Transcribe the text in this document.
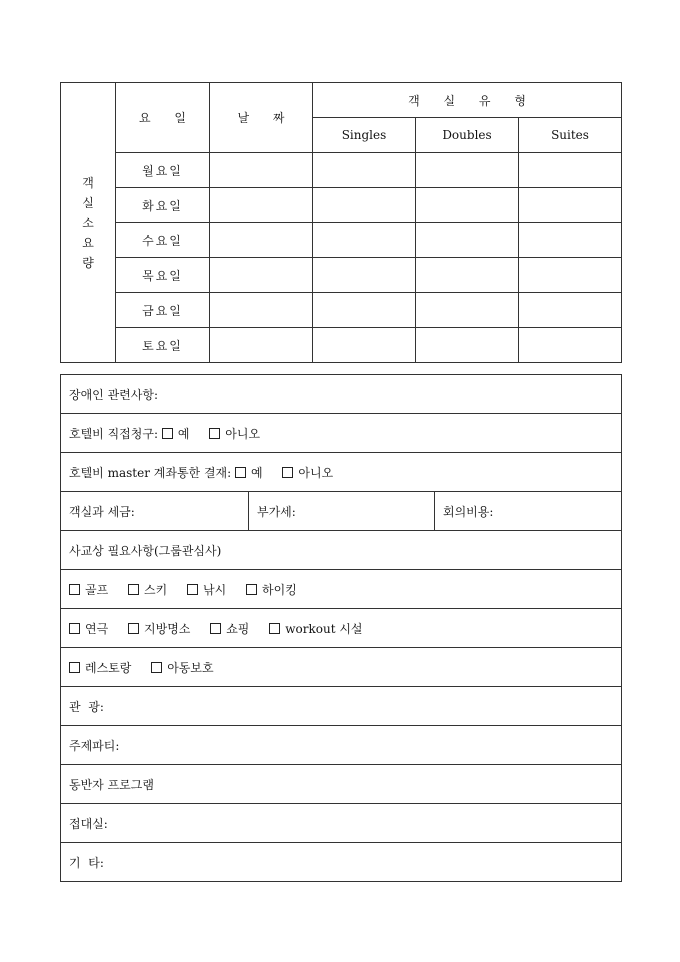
객
실
소
요
량	요 일	날 짜	객 실 유 형		
			Singles	Doubles	Suites
	월요일				
	화요일				
	수요일				
	목요일				
	금요일				
	토요일				
장애인 관련사항:
호텔비 직접청구: 예	아니오
호텔비 master 계좌통한 결재: 예	아니오
객실과 세금:	부가세:	회의비용:
사교상 필요사항(그룹관심사)
골프	스키	낚시	하이킹
연극	지방명소	쇼핑	workout 시설
레스토랑	아동보호
관  광:
주제파티:
동반자 프로그램
접대실:
기  타:
